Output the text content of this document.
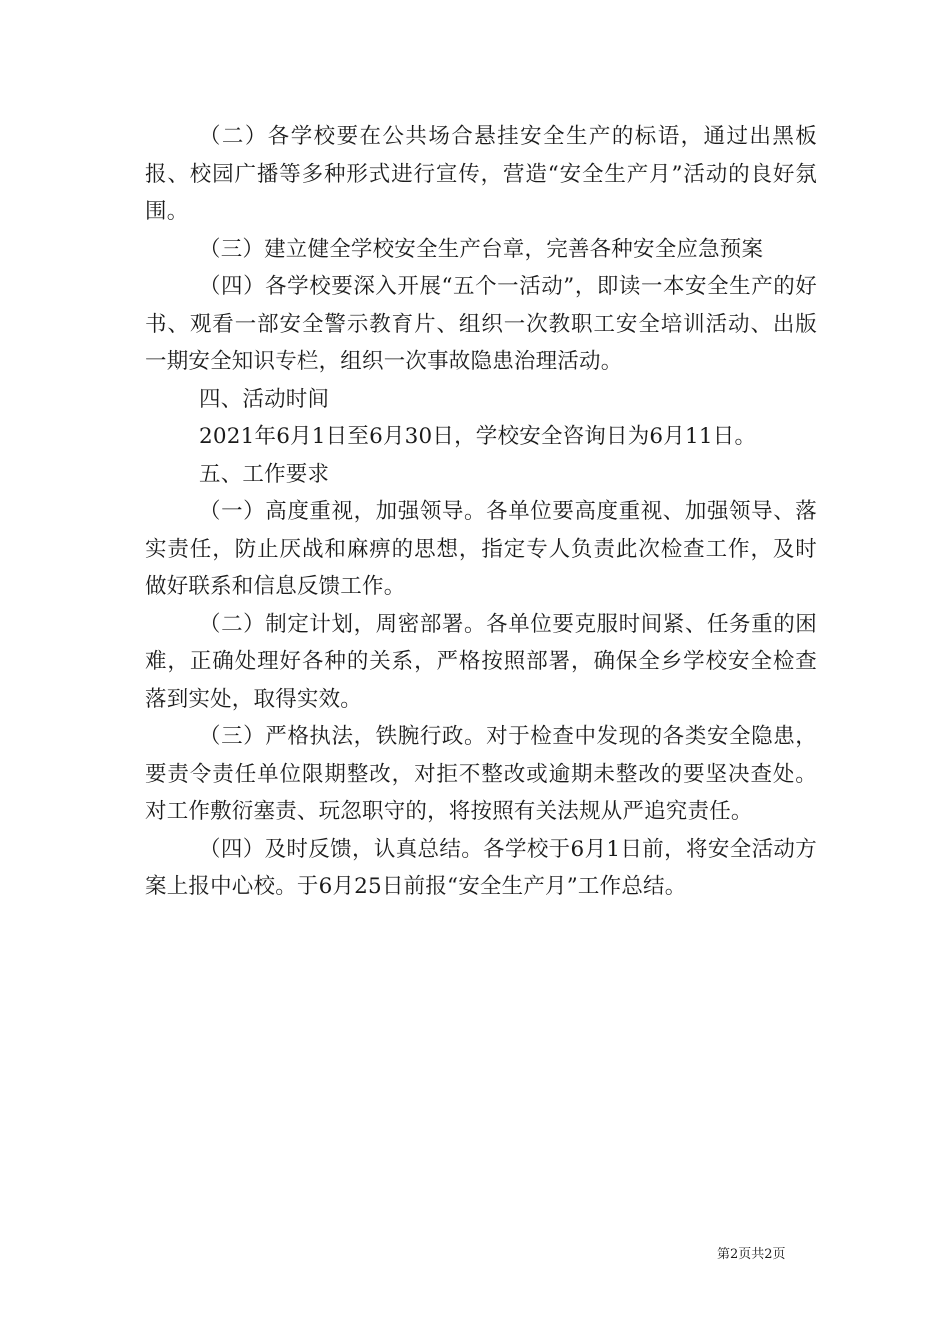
（二）各学校要在公共场合悬挂安全生产的标语，通过出黑板报、校园广播等多种形式进行宣传，营造“安全生产月”活动的良好氛围。

（三）建立健全学校安全生产台章，完善各种安全应急预案

（四）各学校要深入开展“五个一活动”，即读一本安全生产的好书、观看一部安全警示教育片、组织一次教职工安全培训活动、出版一期安全知识专栏，组织一次事故隐患治理活动。

四、活动时间

2021年6月1日至6月30日，学校安全咨询日为6月11日。

五、工作要求

（一）高度重视，加强领导。各单位要高度重视、加强领导、落实责任，防止厌战和麻痹的思想，指定专人负责此次检查工作，及时做好联系和信息反馈工作。

（二）制定计划，周密部署。各单位要克服时间紧、任务重的困难，正确处理好各种的关系，严格按照部署，确保全乡学校安全检查落到实处，取得实效。

（三）严格执法，铁腕行政。对于检查中发现的各类安全隐患，要责令责任单位限期整改，对拒不整改或逾期未整改的要坚决查处。对工作敷衍塞责、玩忽职守的，将按照有关法规从严追究责任。

（四）及时反馈，认真总结。各学校于6月1日前，将安全活动方案上报中心校。于6月25日前报“安全生产月”工作总结。

第2页共2页
